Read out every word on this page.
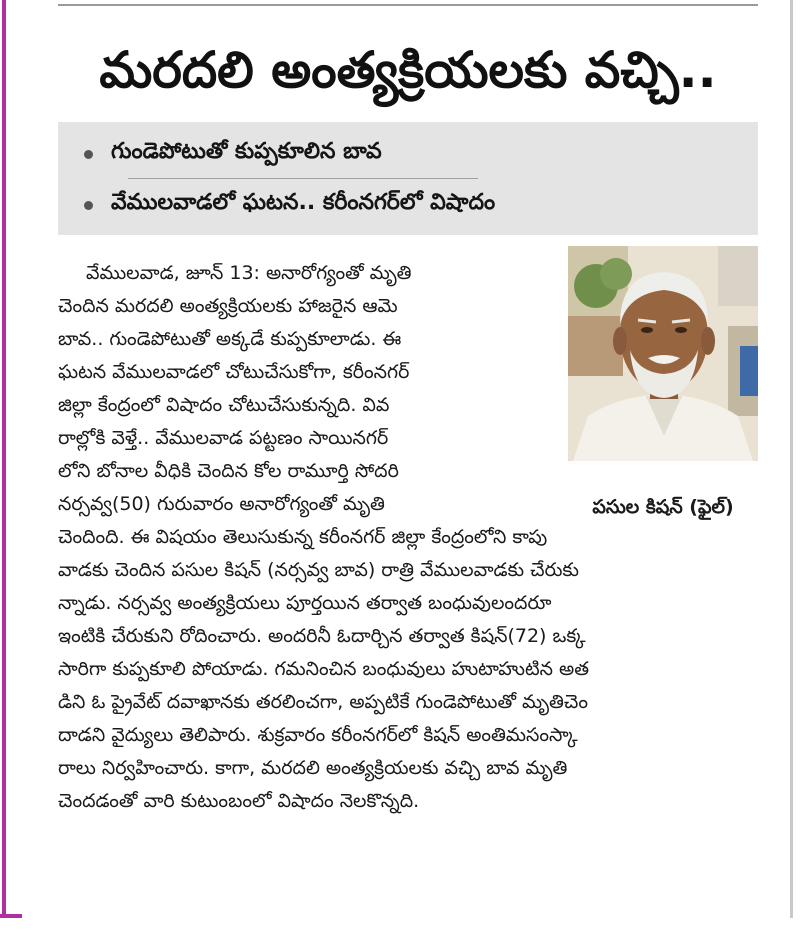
మరదలి అంత్యక్రియలకు వచ్చి..
గుండెపోటుతో కుప్పకూలిన బావ
వేములవాడలో ఘటన.. కరీంనగర్‌లో విషాదం
పసుల కిషన్‌ (ఫైల్‌)
వేములవాడ, జూన్‌ 13: అనారోగ్యంతో మృతి
చెందిన మరదలి అంత్యక్రియలకు హాజరైన ఆమె
బావ.. గుండెపోటుతో అక్కడే కుప్పకూలాడు. ఈ
ఘటన వేములవాడలో చోటుచేసుకోగా, కరీంనగర్‌
జిల్లా కేంద్రంలో విషాదం చోటుచేసుకున్నది. వివ
రాల్లోకి వెళ్తే.. వేములవాడ పట్టణం సాయినగర్‌
లోని బోనాల వీధికి చెందిన కోల రామూర్తి సోదరి
నర్సవ్వ(50) గురువారం అనారోగ్యంతో మృతి
చెందింది. ఈ విషయం తెలుసుకున్న కరీంనగర్‌ జిల్లా కేంద్రంలోని కాపు
వాడకు చెందిన పసుల కిషన్‌ (నర్సవ్వ బావ) రాత్రి వేములవాడకు చేరుకు
న్నాడు. నర్సవ్వ అంత్యక్రియలు పూర్తయిన తర్వాత బంధువులందరూ
ఇంటికి చేరుకుని రోదించారు. అందరినీ ఓదార్చిన తర్వాత కిషన్‌(72) ఒక్క
సారిగా కుప్పకూలి పోయాడు. గమనించిన బంధువులు హుటాహుటిన అత
డిని ఓ ప్రైవేట్‌ దవాఖానకు తరలించగా, అప్పటికే గుండెపోటుతో మృతిచెం
దాడని వైద్యులు తెలిపారు. శుక్రవారం కరీంనగర్‌లో కిషన్‌ అంతిమసంస్కా
రాలు నిర్వహించారు. కాగా, మరదలి అంత్యక్రియలకు వచ్చి బావ మృతి
చెందడంతో వారి కుటుంబంలో విషాదం నెలకొన్నది.
